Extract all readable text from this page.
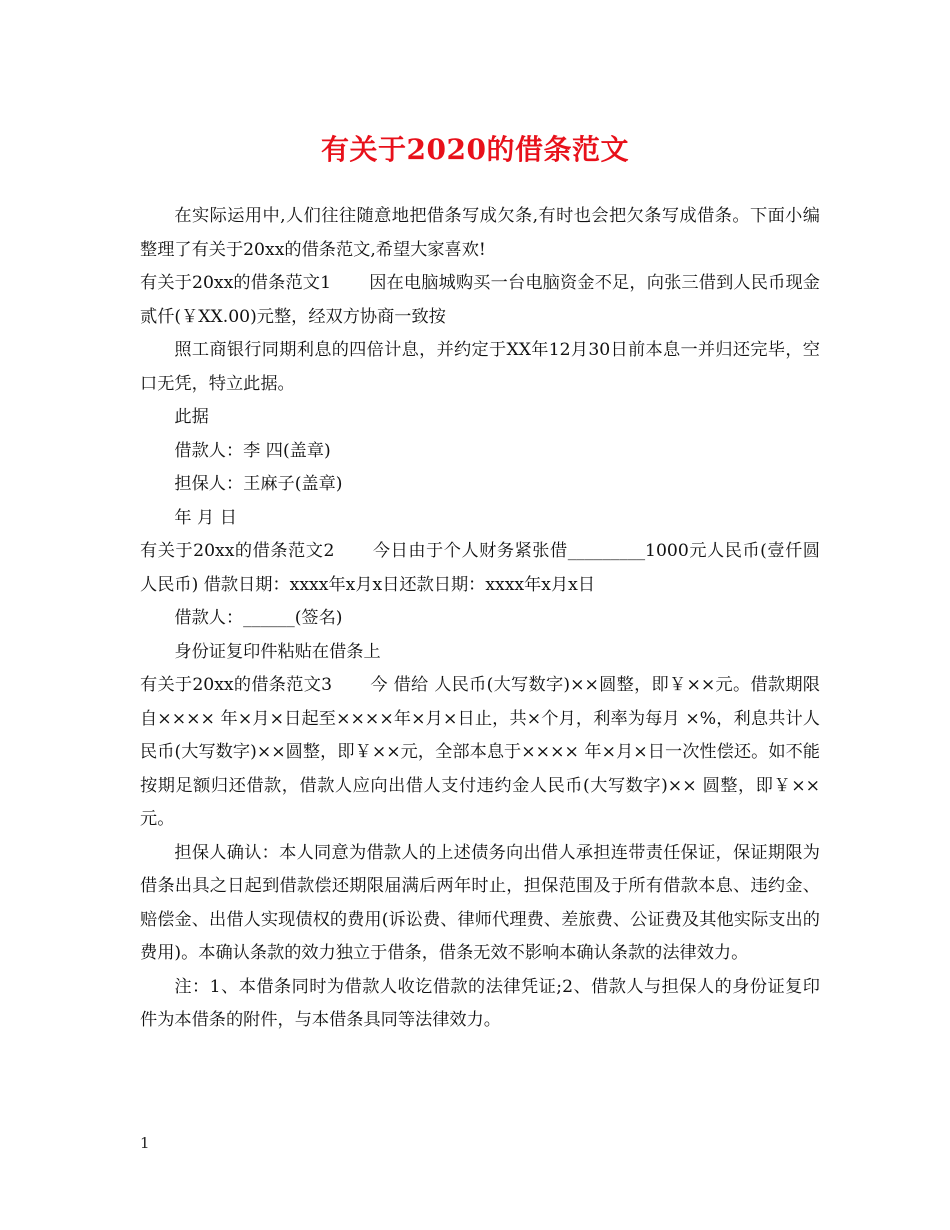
有关于2020的借条范文

在实际运用中,人们往往随意地把借条写成欠条,有时也会把欠条写成借条。下面小编整理了有关于20xx的借条范文,希望大家喜欢!

有关于20xx的借条范文1 因在电脑城购买一台电脑资金不足，向张三借到人民币现金贰仟(￥XX.00)元整，经双方协商一致按

照工商银行同期利息的四倍计息，并约定于XX年12月30日前本息一并归还完毕，空口无凭，特立此据。

此据

借款人：李 四(盖章)

担保人：王麻子(盖章)

年 月 日

有关于20xx的借条范文2 今日由于个人财务紧张借_________1000元人民币(壹仟圆人民币) 借款日期：xxxx年x月x日还款日期：xxxx年x月x日

借款人：______(签名)

身份证复印件粘贴在借条上

有关于20xx的借条范文3 今 借给 人民币(大写数字)××圆整，即￥××元。借款期限自×××× 年×月×日起至××××年×月×日止，共×个月，利率为每月 ×%，利息共计人民币(大写数字)××圆整，即￥××元，全部本息于×××× 年×月×日一次性偿还。如不能按期足额归还借款，借款人应向出借人支付违约金人民币(大写数字)×× 圆整，即￥×× 元。

担保人确认：本人同意为借款人的上述债务向出借人承担连带责任保证，保证期限为借条出具之日起到借款偿还期限届满后两年时止，担保范围及于所有借款本息、违约金、赔偿金、出借人实现债权的费用(诉讼费、律师代理费、差旅费、公证费及其他实际支出的费用)。本确认条款的效力独立于借条，借条无效不影响本确认条款的法律效力。

注：1、本借条同时为借款人收讫借款的法律凭证;2、借款人与担保人的身份证复印件为本借条的附件，与本借条具同等法律效力。

1
